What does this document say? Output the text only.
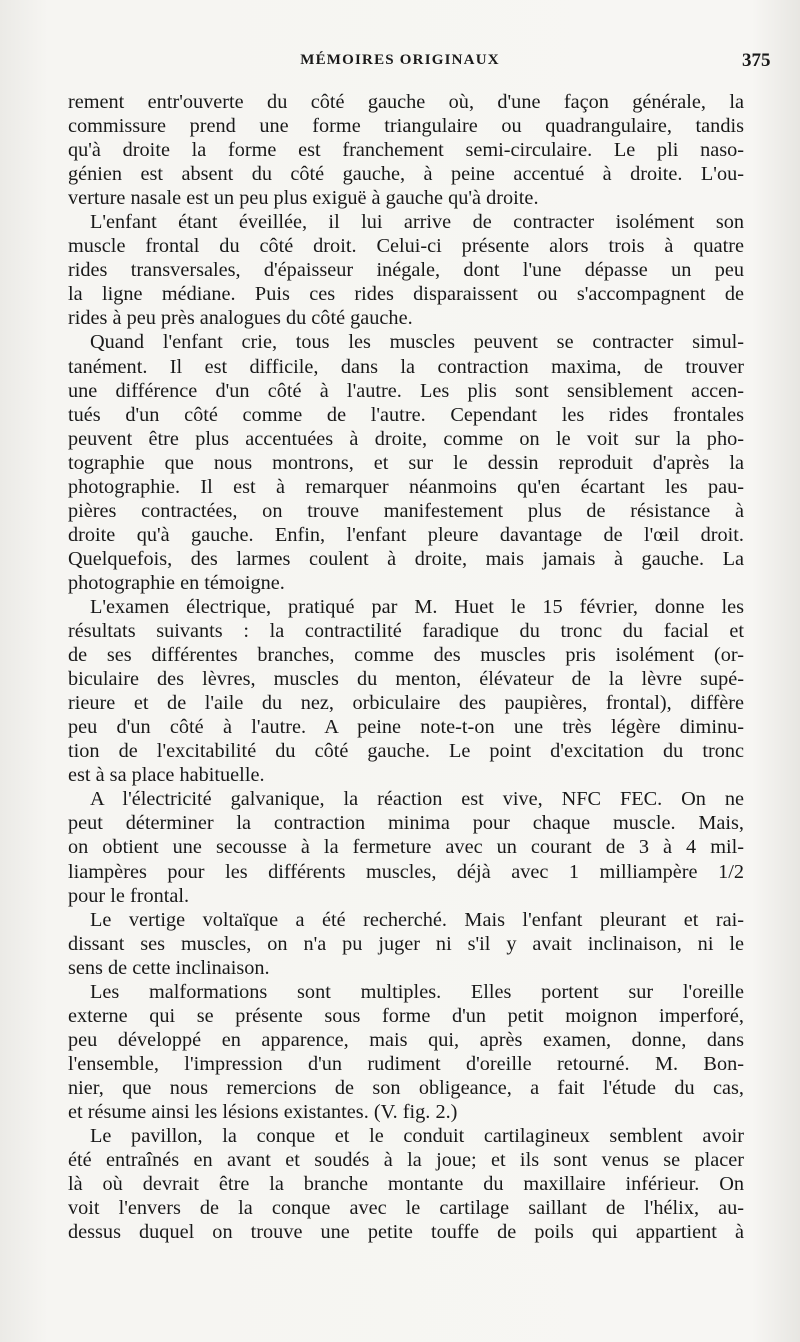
MÉMOIRES ORIGINAUX	375
rement entr'ouverte du côté gauche où, d'une façon générale, la
commissure prend une forme triangulaire ou quadrangulaire, tandis
qu'à droite la forme est franchement semi-circulaire. Le pli naso-
génien est absent du côté gauche, à peine accentué à droite. L'ou-
verture nasale est un peu plus exiguë à gauche qu'à droite.
L'enfant étant éveillée, il lui arrive de contracter isolément son
muscle frontal du côté droit. Celui-ci présente alors trois à quatre
rides transversales, d'épaisseur inégale, dont l'une dépasse un peu
la ligne médiane. Puis ces rides disparaissent ou s'accompagnent de
rides à peu près analogues du côté gauche.
Quand l'enfant crie, tous les muscles peuvent se contracter simul-
tanément. Il est difficile, dans la contraction maxima, de trouver
une différence d'un côté à l'autre. Les plis sont sensiblement accen-
tués d'un côté comme de l'autre. Cependant les rides frontales
peuvent être plus accentuées à droite, comme on le voit sur la pho-
tographie que nous montrons, et sur le dessin reproduit d'après la
photographie. Il est à remarquer néanmoins qu'en écartant les pau-
pières contractées, on trouve manifestement plus de résistance à
droite qu'à gauche. Enfin, l'enfant pleure davantage de l'œil droit.
Quelquefois, des larmes coulent à droite, mais jamais à gauche. La
photographie en témoigne.
L'examen électrique, pratiqué par M. Huet le 15 février, donne les
résultats suivants : la contractilité faradique du tronc du facial et
de ses différentes branches, comme des muscles pris isolément (or-
biculaire des lèvres, muscles du menton, élévateur de la lèvre supé-
rieure et de l'aile du nez, orbiculaire des paupières, frontal), diffère
peu d'un côté à l'autre. A peine note-t-on une très légère diminu-
tion de l'excitabilité du côté gauche. Le point d'excitation du tronc
est à sa place habituelle.
A l'électricité galvanique, la réaction est vive, NFC FEC. On ne
peut déterminer la contraction minima pour chaque muscle. Mais,
on obtient une secousse à la fermeture avec un courant de 3 à 4 mil-
liampères pour les différents muscles, déjà avec 1 milliampère 1/2
pour le frontal.
Le vertige voltaïque a été recherché. Mais l'enfant pleurant et rai-
dissant ses muscles, on n'a pu juger ni s'il y avait inclinaison, ni le
sens de cette inclinaison.
Les malformations sont multiples. Elles portent sur l'oreille
externe qui se présente sous forme d'un petit moignon imperforé,
peu développé en apparence, mais qui, après examen, donne, dans
l'ensemble, l'impression d'un rudiment d'oreille retourné. M. Bon-
nier, que nous remercions de son obligeance, a fait l'étude du cas,
et résume ainsi les lésions existantes. (V. fig. 2.)
Le pavillon, la conque et le conduit cartilagineux semblent avoir
été entraînés en avant et soudés à la joue; et ils sont venus se placer
là où devrait être la branche montante du maxillaire inférieur. On
voit l'envers de la conque avec le cartilage saillant de l'hélix, au-
dessus duquel on trouve une petite touffe de poils qui appartient à
